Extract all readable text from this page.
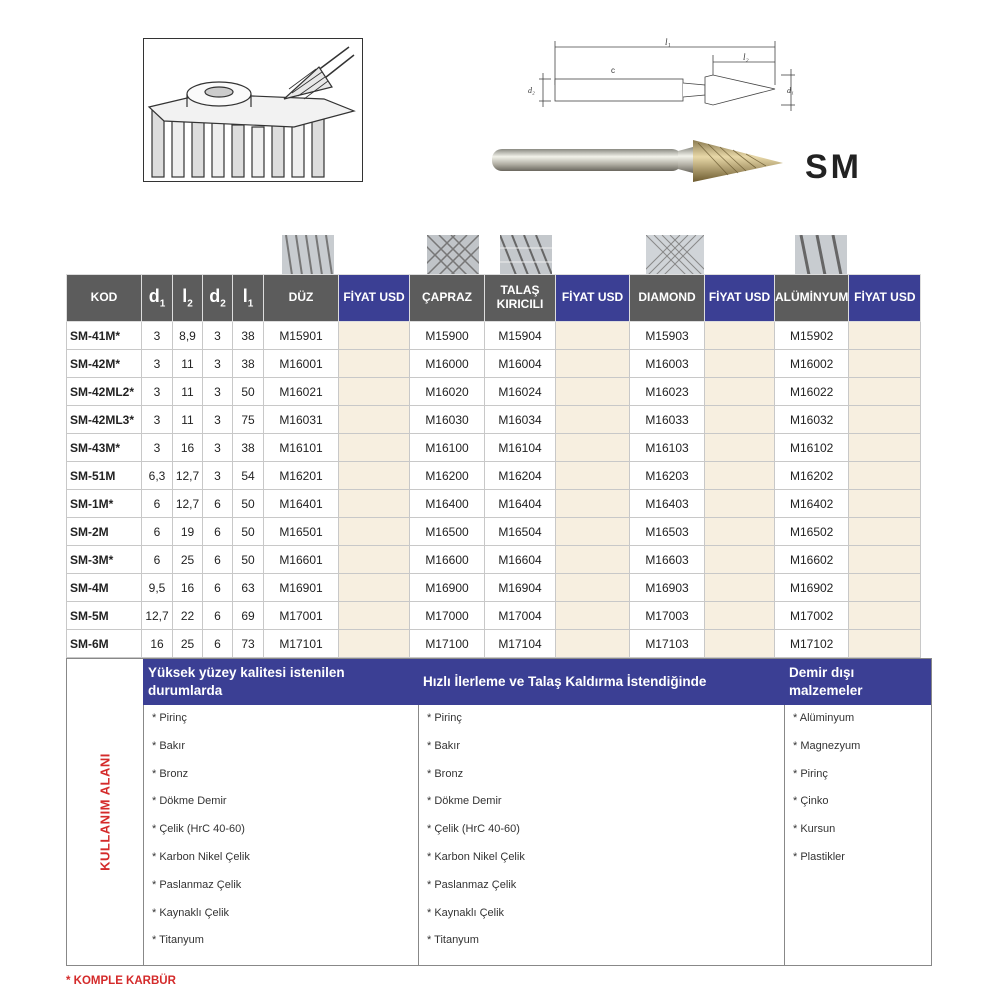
l₁
l₂
c
d₂	d₁
SM
KOD	$d_1$	$l_2$	$d_2$	$l_1$	DÜZ	FİYAT USD	ÇAPRAZ	TALAŞ KIRICILI	FİYAT USD	DIAMOND	FİYAT USD	ALÜMİNYUM	FİYAT USD
SM-41M*	3	8,9	3	38	M15901		M15900	M15904		M15903		M15902	
SM-42M*	3	11	3	38	M16001		M16000	M16004		M16003		M16002	
SM-42ML2*	3	11	3	50	M16021		M16020	M16024		M16023		M16022	
SM-42ML3*	3	11	3	75	M16031		M16030	M16034		M16033		M16032	
SM-43M*	3	16	3	38	M16101		M16100	M16104		M16103		M16102	
SM-51M	6,3	12,7	3	54	M16201		M16200	M16204		M16203		M16202	
SM-1M*	6	12,7	6	50	M16401		M16400	M16404		M16403		M16402	
SM-2M	6	19	6	50	M16501		M16500	M16504		M16503		M16502	
SM-3M*	6	25	6	50	M16601		M16600	M16604		M16603		M16602	
SM-4M	9,5	16	6	63	M16901		M16900	M16904		M16903		M16902	
SM-5M	12,7	22	6	69	M17001		M17000	M17004		M17003		M17002	
SM-6M	16	25	6	73	M17101		M17100	M17104		M17103		M17102	
KULLANIM ALANI
Yüksek yüzey kalitesi istenilen durumlarda
Hızlı İlerleme ve Talaş Kaldırma İstendiğinde
Demir dışı malzemeler
* Pirinç
* Bakır
* Bronz
* Dökme Demir
* Çelik (HrC 40-60)
* Karbon Nikel Çelik
* Paslanmaz Çelik
* Kaynaklı Çelik
* Titanyum
* Pirinç
* Bakır
* Bronz
* Dökme Demir
* Çelik (HrC 40-60)
* Karbon Nikel Çelik
* Paslanmaz Çelik
* Kaynaklı Çelik
* Titanyum
* Alüminyum
* Magnezyum
* Pirinç
* Çinko
* Kursun
* Plastikler
* KOMPLE KARBÜR
